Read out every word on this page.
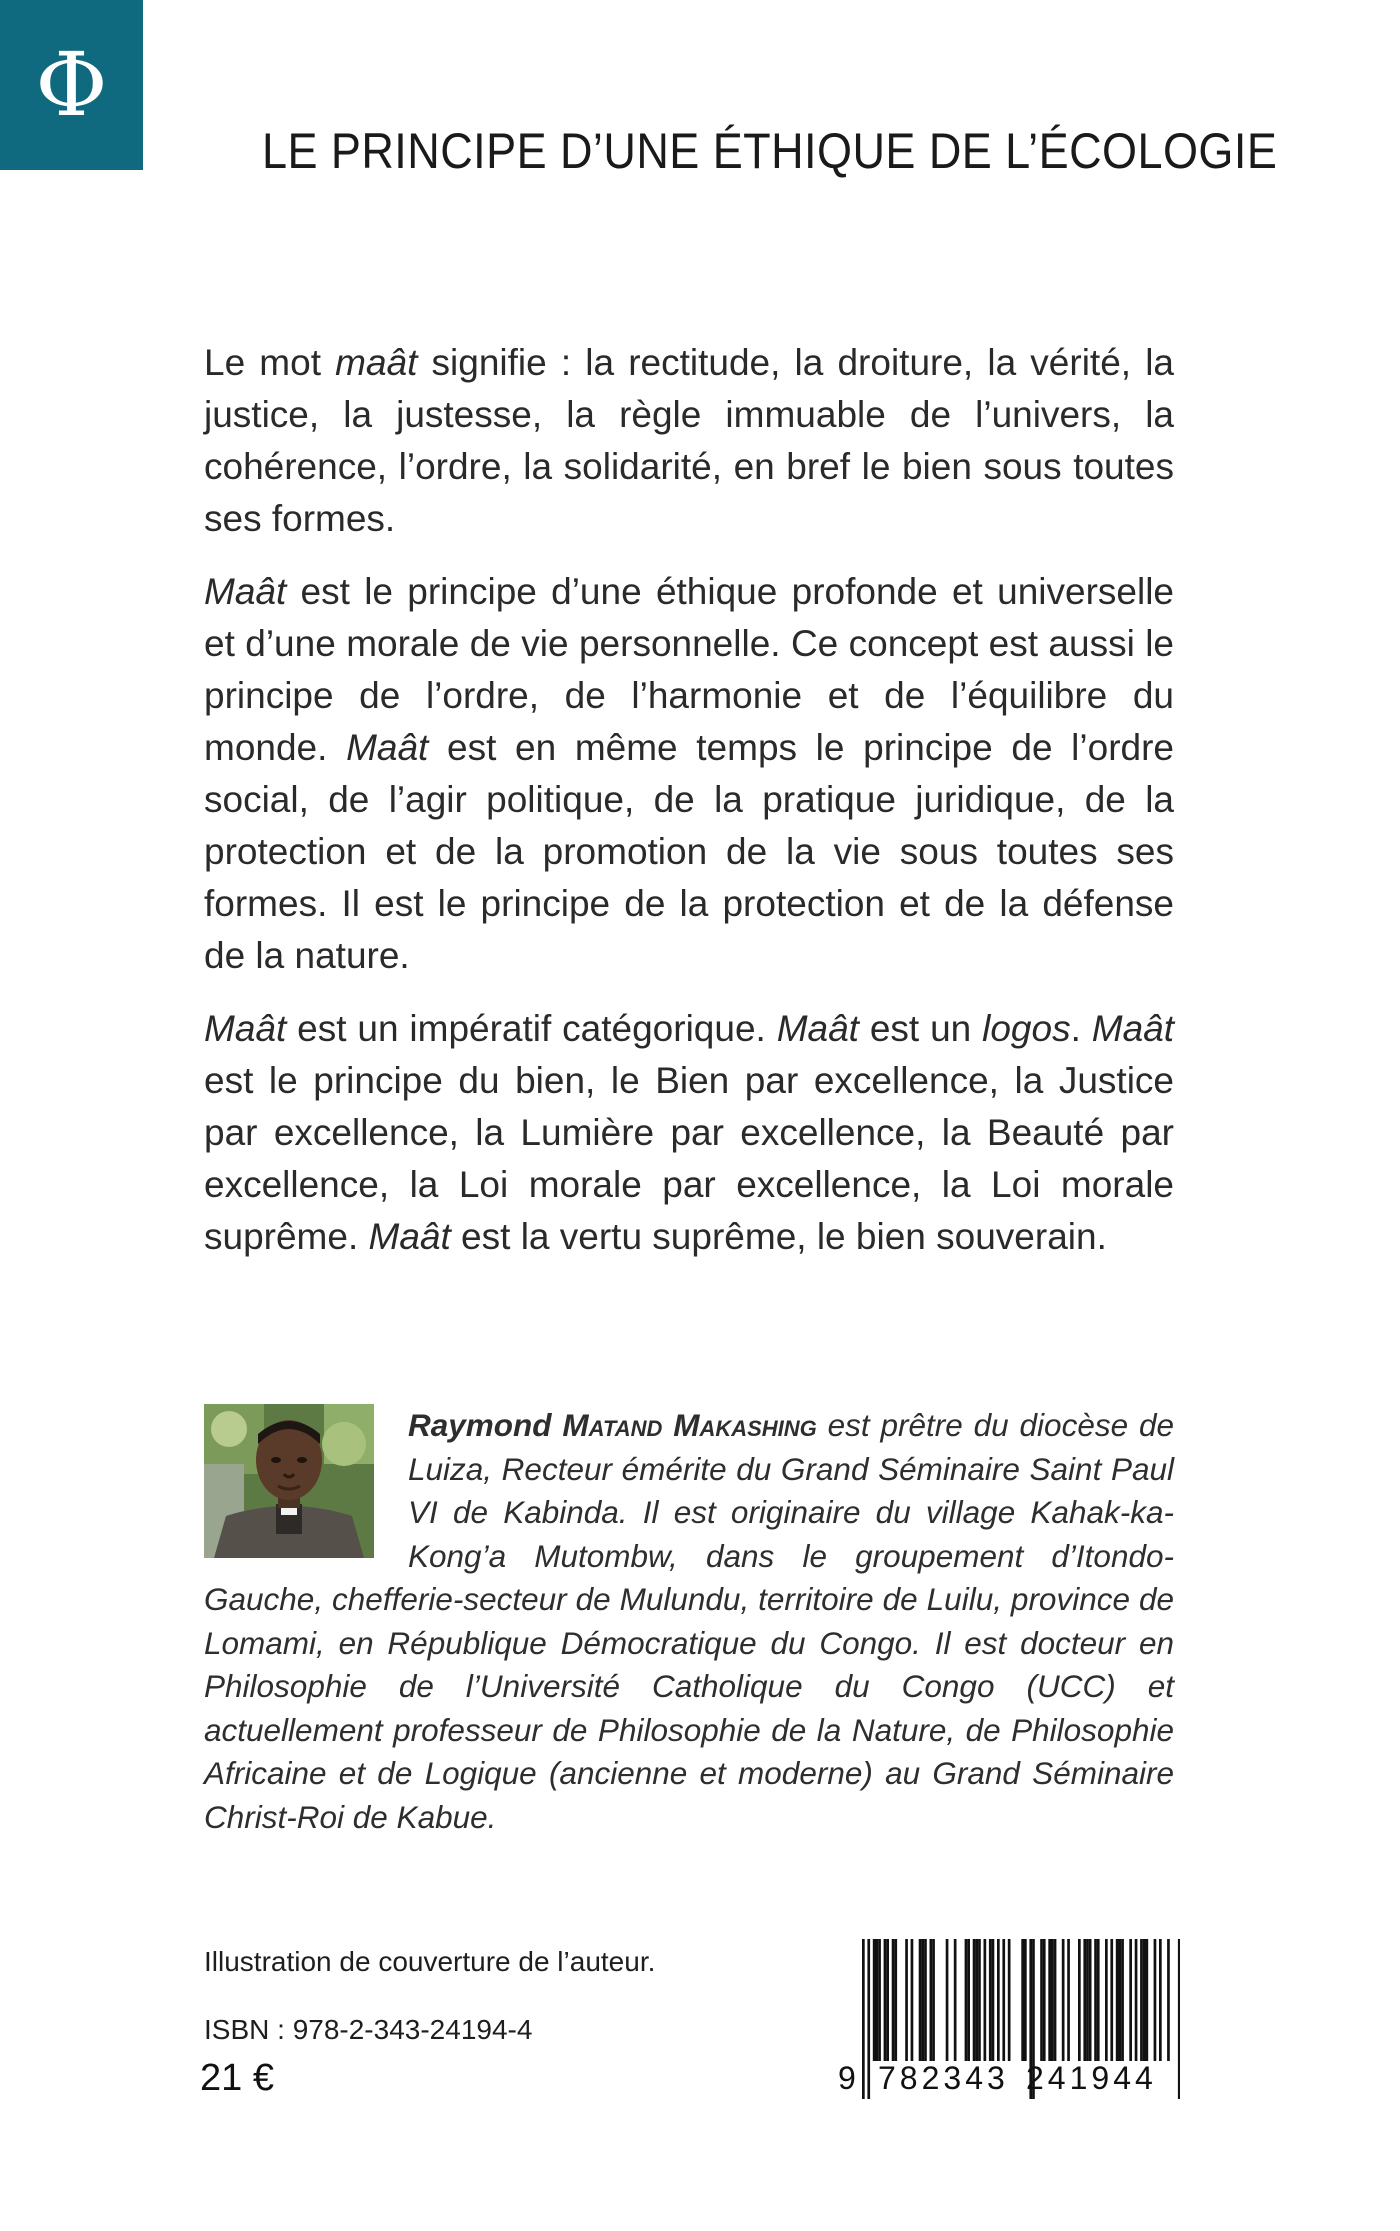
Φ
LE PRINCIPE D’UNE ÉTHIQUE DE L’ÉCOLOGIE

Le mot maât signifie : la rectitude, la droiture, la vérité, la justice, la justesse, la règle immuable de l’univers, la cohérence, l’ordre, la solidarité, en bref le bien sous toutes ses formes.

Maât est le principe d’une éthique profonde et universelle et d’une morale de vie personnelle. Ce concept est aussi le principe de l’ordre, de l’harmonie et de l’équilibre du monde. Maât est en même temps le principe de l’ordre social, de l’agir politique, de la pratique juridique, de la protection et de la promotion de la vie sous toutes ses formes. Il est le principe de la protection et de la défense de la nature.

Maât est un impératif catégorique. Maât est un logos. Maât est le principe du bien, le Bien par excellence, la Justice par excellence, la Lumière par excellence, la Beauté par excellence, la Loi morale par excellence, la Loi morale suprême. Maât est la vertu suprême, le bien souverain.

Raymond Matand Makashing est prêtre du diocèse de Luiza, Recteur émérite du Grand Séminaire Saint Paul VI de Kabinda. Il est originaire du village Kahak-ka-Kong’a Mutombw, dans le groupement d’Itondo-Gauche, chefferie-secteur de Mulundu, territoire de Luilu, province de Lomami, en République Démocratique du Congo. Il est docteur en Philosophie de l’Université Catholique du Congo (UCC) et actuellement professeur de Philosophie de la Nature, de Philosophie Africaine et de Logique (ancienne et moderne) au Grand Séminaire Christ-Roi de Kabue.

Illustration de couverture de l’auteur.

ISBN : 978-2-343-24194-4

21 €	9 782343 241944
